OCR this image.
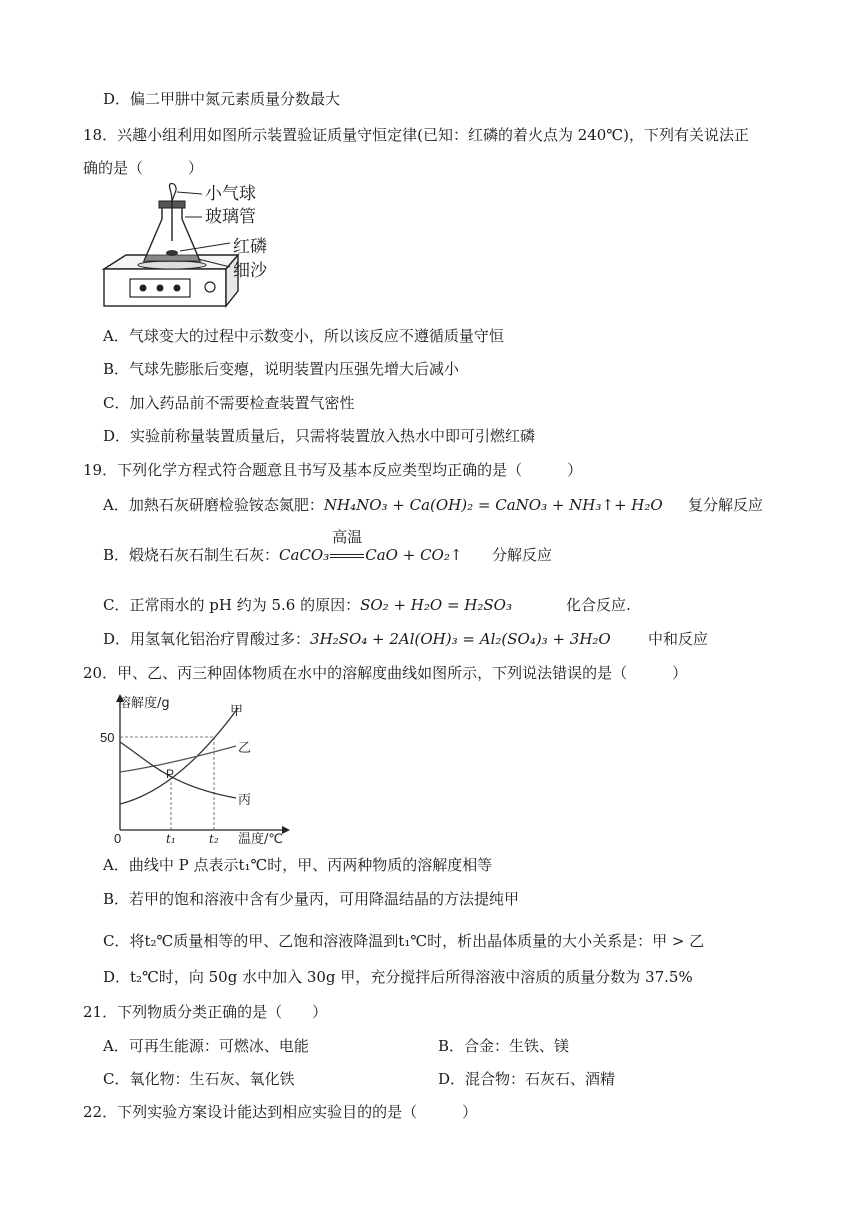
D．偏二甲肼中氮元素质量分数最大
18．兴趣小组利用如图所示装置验证质量守恒定律(已知：红磷的着火点为 240℃)，下列有关说法正
确的是（　　　）
小气球
玻璃管
红磷
细沙
A．气球变大的过程中示数变小，所以该反应不遵循质量守恒
B．气球先膨胀后变瘪，说明装置内压强先增大后减小
C．加入药品前不需要检查装置气密性
D．实验前称量装置质量后，只需将装置放入热水中即可引燃红磷
19．下列化学方程式符合题意且书写及基本反应类型均正确的是（　　　）
A．加熱石灰研磨检验铵态氮肥：NH₄NO₃ + Ca(OH)₂ = CaNO₃ + NH₃↑+ H₂O 复分解反应
B．煅烧石灰石制生石灰：CaCO₃
高温
CaO + CO₂↑ 分解反应
C．正常雨水的 pH 约为 5.6 的原因：SO₂ + H₂O = H₂SO₃	化合反应.
D．用氢氧化铝治疗胃酸过多：3H₂SO₄ + 2Al(OH)₃ = Al₂(SO₄)₃ + 3H₂O 中和反应
20．甲、乙、丙三种固体物质在水中的溶解度曲线如图所示，下列说法错误的是（　　　）
溶解度/g
50
0	t₁	t₂ 温度/℃
甲
乙
丙
P
A．曲线中 P 点表示t₁℃时，甲、丙两种物质的溶解度相等
B．若甲的饱和溶液中含有少量丙，可用降温结晶的方法提纯甲
C．将t₂℃质量相等的甲、乙饱和溶液降温到t₁℃时，析出晶体质量的大小关系是：甲 > 乙
D．t₂℃时，向 50g 水中加入 30g 甲，充分搅拌后所得溶液中溶质的质量分数为 37.5%
21．下列物质分类正确的是（　　）
A．可再生能源：可燃冰、电能	B．合金：生铁、镁
C．氧化物：生石灰、氧化铁	D．混合物：石灰石、酒精
22．下列实验方案设计能达到相应实验目的的是（　　　）
